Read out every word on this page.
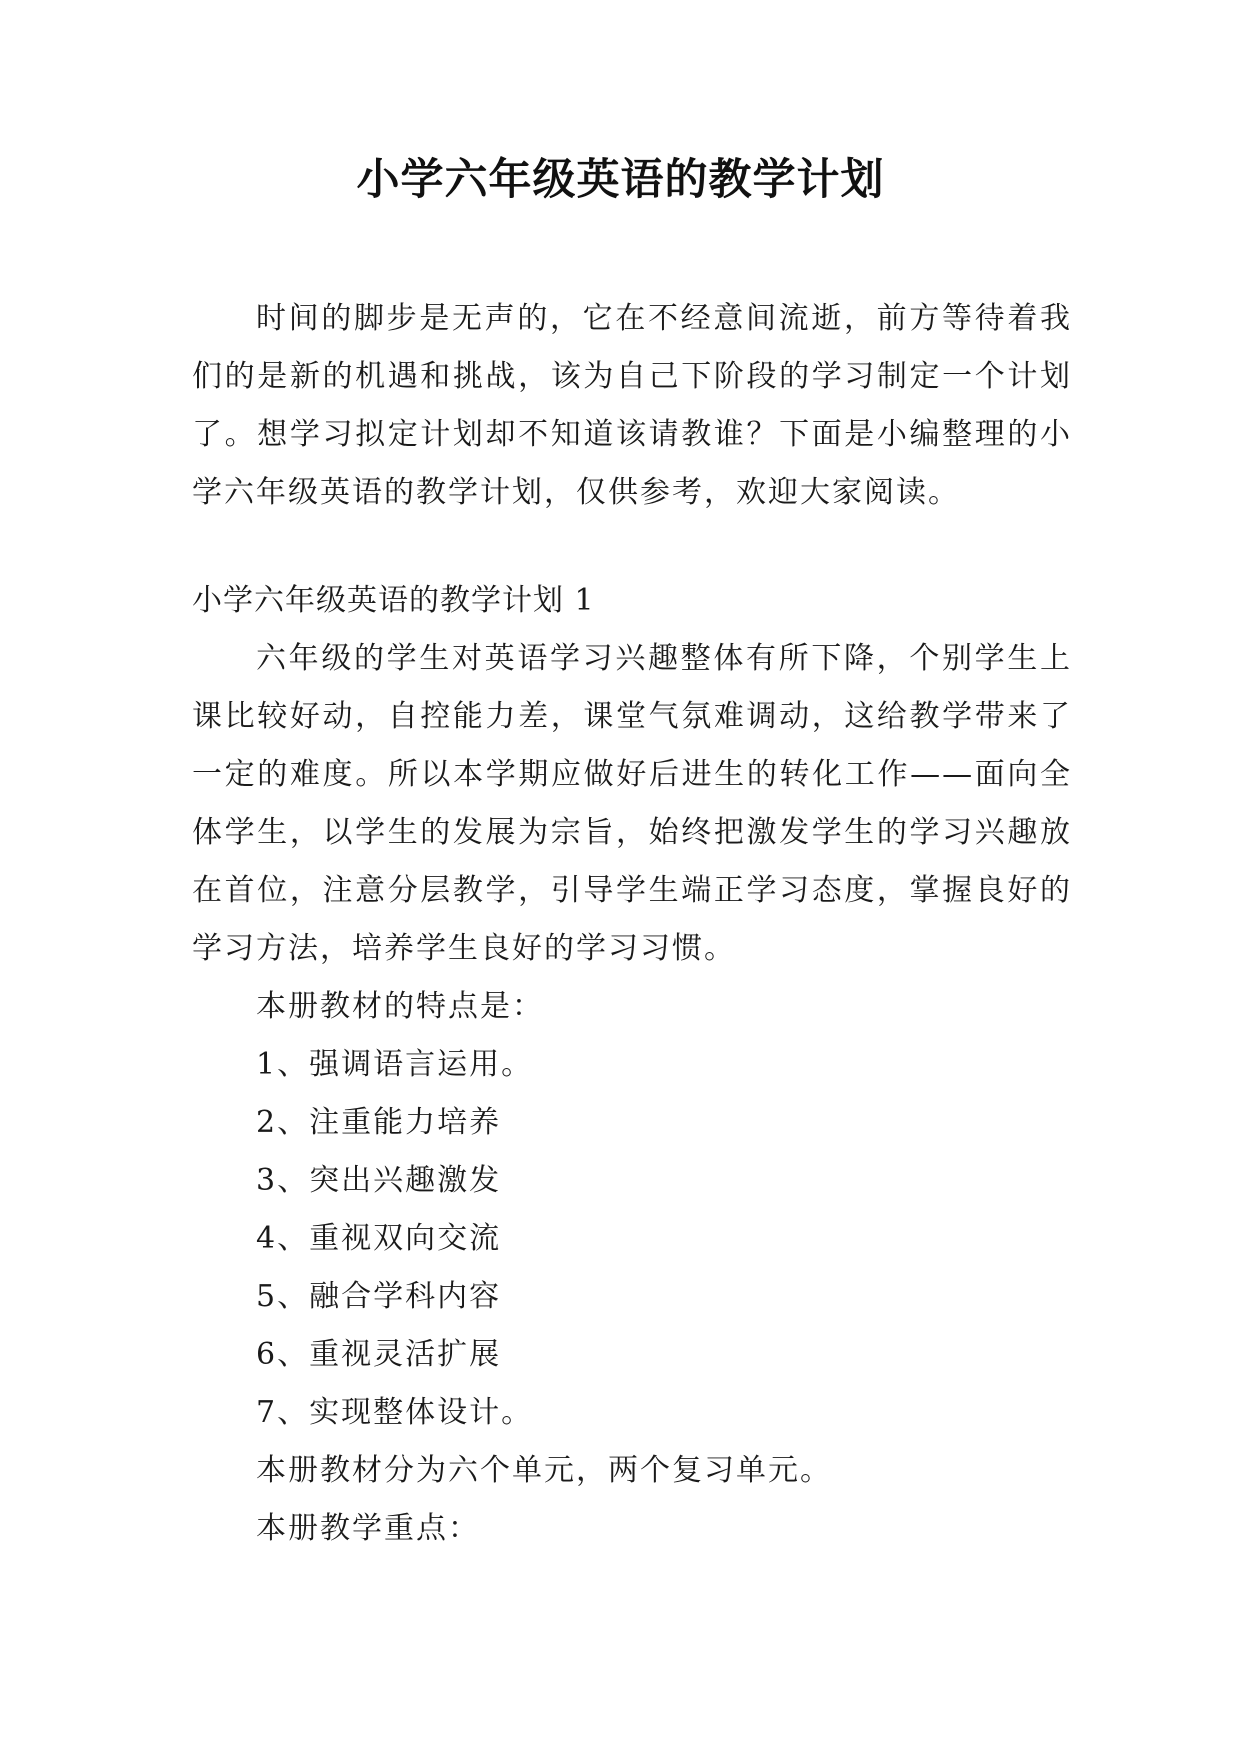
小学六年级英语的教学计划

时间的脚步是无声的，它在不经意间流逝，前方等待着我们的是新的机遇和挑战，该为自己下阶段的学习制定一个计划了。想学习拟定计划却不知道该请教谁？下面是小编整理的小学六年级英语的教学计划，仅供参考，欢迎大家阅读。

小学六年级英语的教学计划 1

六年级的学生对英语学习兴趣整体有所下降，个别学生上课比较好动，自控能力差，课堂气氛难调动，这给教学带来了一定的难度。所以本学期应做好后进生的转化工作——面向全体学生，以学生的发展为宗旨，始终把激发学生的学习兴趣放在首位，注意分层教学，引导学生端正学习态度，掌握良好的学习方法，培养学生良好的学习习惯。

本册教材的特点是：

1、强调语言运用。

2、注重能力培养

3、突出兴趣激发

4、重视双向交流

5、融合学科内容

6、重视灵活扩展

7、实现整体设计。

本册教材分为六个单元，两个复习单元。

本册教学重点：
